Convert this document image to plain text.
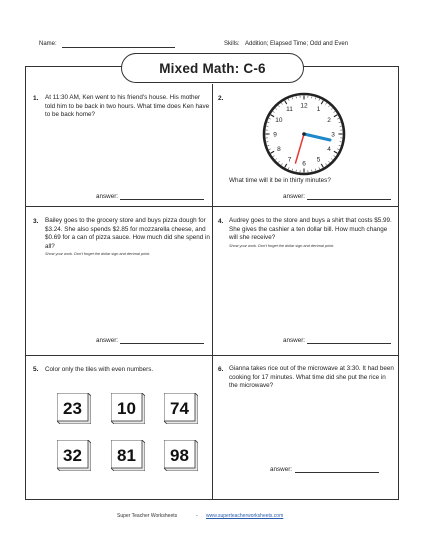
Name:	Skills: Addition; Elapsed Time; Odd and Even
Mixed Math: C-6
1. At 11:30 AM, Ken went to his friend's house. His mother told him to be back in two hours. What time does Ken have to be back home?
answer:
2.
12
1
2
3
4
5
6
7
8
9
10
11
What time will it be in thirty minutes?
answer:
3. Bailey goes to the grocery store and buys pizza dough for $3.24. She also spends $2.85 for mozzarella cheese, and $0.69 for a can of pizza sauce. How much did she spend in all?
Show your work. Don't forget the dollar sign and decimal point.
answer:
4. Audrey goes to the store and buys a shirt that costs $5.99. She gives the cashier a ten dollar bill. How much change will she receive?
Show your work. Don't forget the dollar sign and decimal point.
answer:
5. Color only the tiles with even numbers.
23	10	74
32	81	98
6. Gianna takes rice out of the microwave at 3:30. It had been cooking for 17 minutes. What time did she put the rice in the microwave?
answer:
Super Teacher Worksheets	- www.superteacherworksheets.com
